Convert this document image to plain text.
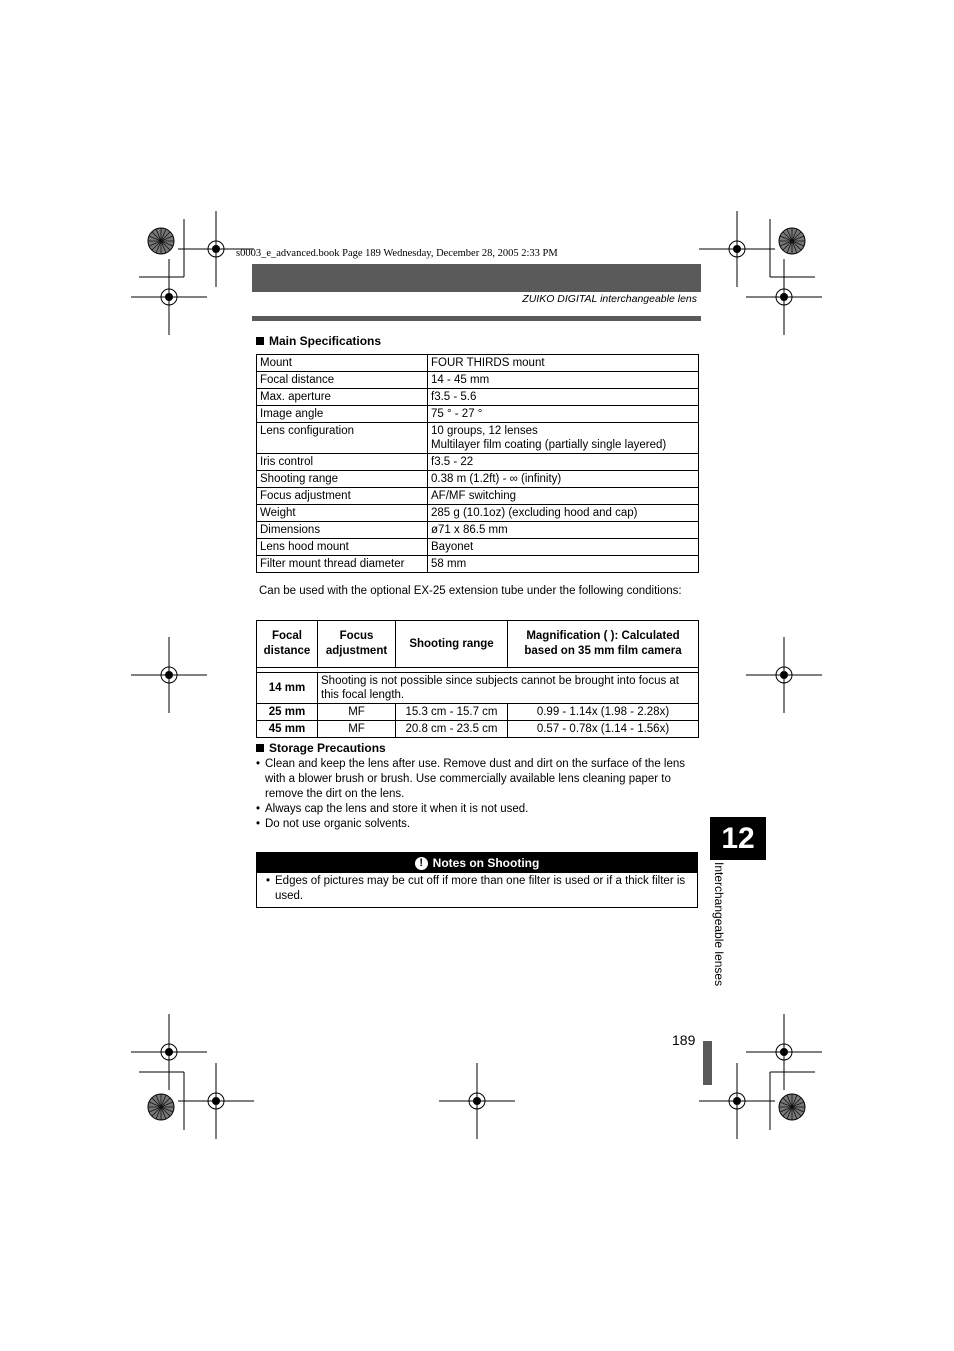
s0003_e_advanced.book Page 189 Wednesday, December 28, 2005 2:33 PM
ZUIKO DIGITAL interchangeable lens
Main Specifications
Mount	FOUR THIRDS mount

Focal distance	14 - 45 mm

Max. aperture	f3.5 - 5.6

Image angle	75 ° - 27 °

Lens configuration	10 groups, 12 lenses
Multilayer film coating (partially single layered)

Iris control	f3.5 - 22

Shooting range	0.38 m (1.2ft) - ∞ (infinity)

Focus adjustment	AF/MF switching

Weight	285 g (10.1oz) (excluding hood and cap)

Dimensions	ø71 x 86.5 mm

Lens hood mount	Bayonet

Filter mount thread diameter	58 mm
Can be used with the optional EX-25 extension tube under the following conditions:
Focal distance	Focus adjustment	Shooting range	Magnification ( ): Calculated based on 35 mm film camera

14 mm	Shooting is not possible since subjects cannot be brought into focus at this focal length.		
25 mm	MF	15.3 cm - 15.7 cm	0.99 - 1.14x (1.98 - 2.28x)
45 mm	MF	20.8 cm - 23.5 cm	0.57 - 0.78x (1.14 - 1.56x)
Storage Precautions
• Clean and keep the lens after use. Remove dust and dirt on the surface of the lens with a blower brush or brush. Use commercially available lens cleaning paper to remove the dirt on the lens.
• Always cap the lens and store it when it is not used.
• Do not use organic solvents.
! Notes on Shooting
• Edges of pictures may be cut off if more than one filter is used or if a thick filter is used.
12
Interchangeable lenses
189
